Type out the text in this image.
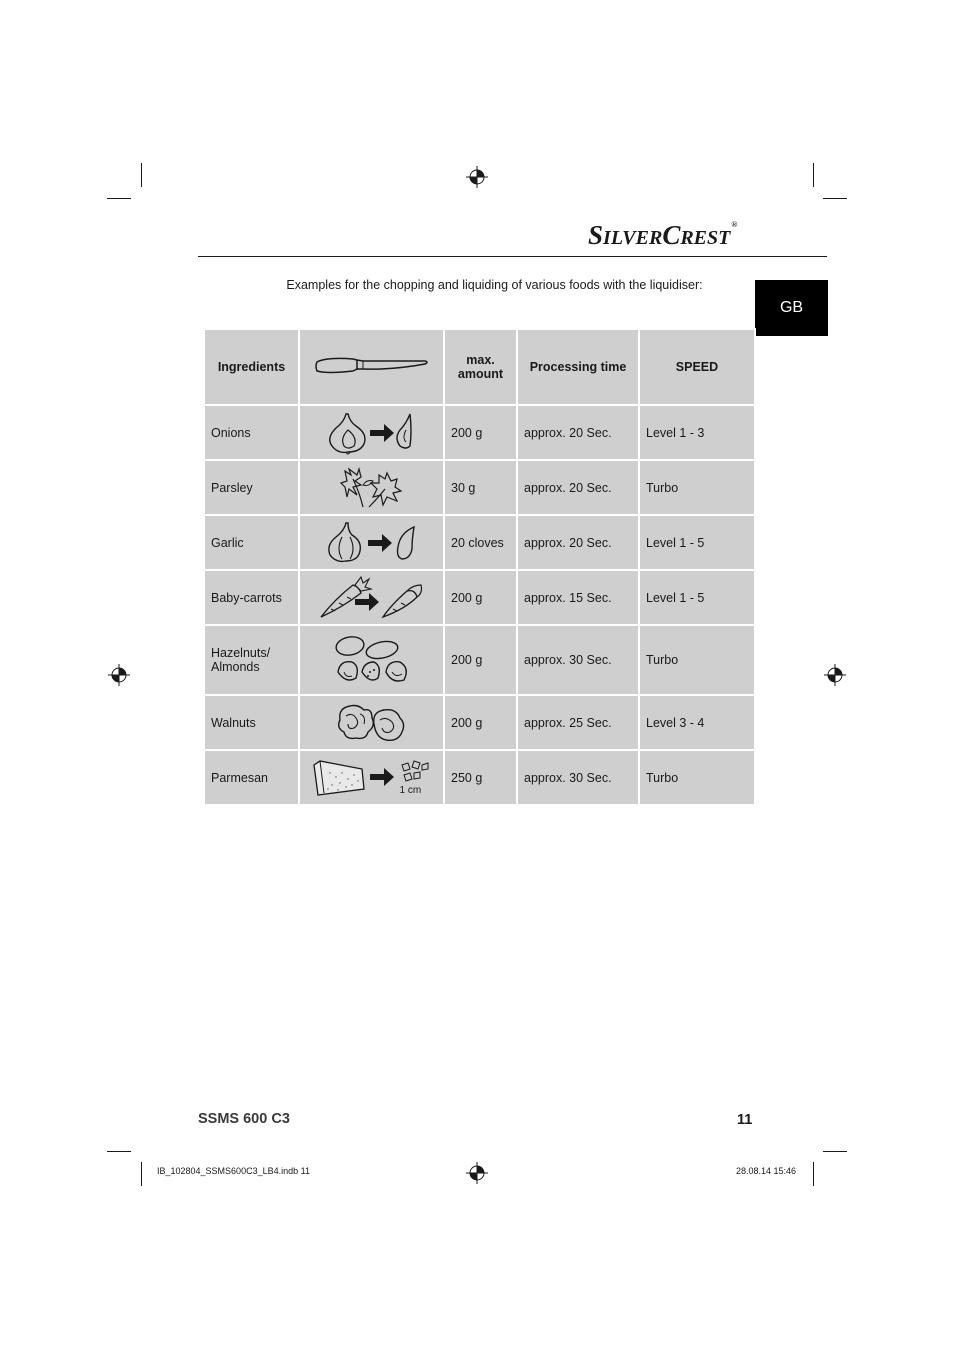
SILVERCREST®
GB
Examples for the chopping and liquiding of various foods with the liquidiser:
Ingredients		max.
amount	Processing time	SPEED
Onions		200 g	approx. 20 Sec.	Level 1 - 3
Parsley		30 g	approx. 20 Sec.	Turbo
Garlic		20 cloves	approx. 20 Sec.	Level 1 - 5
Baby-carrots		200 g	approx. 15 Sec.	Level 1 - 5
Hazelnuts/
Almonds		200 g	approx. 30 Sec.	Turbo
Walnuts		200 g	approx. 25 Sec.	Level 3 - 4
Parmesan	1 cm	250 g	approx. 30 Sec.	Turbo
SSMS 600 C3	11
IB_102804_SSMS600C3_LB4.indb 11	28.08.14 15:46
